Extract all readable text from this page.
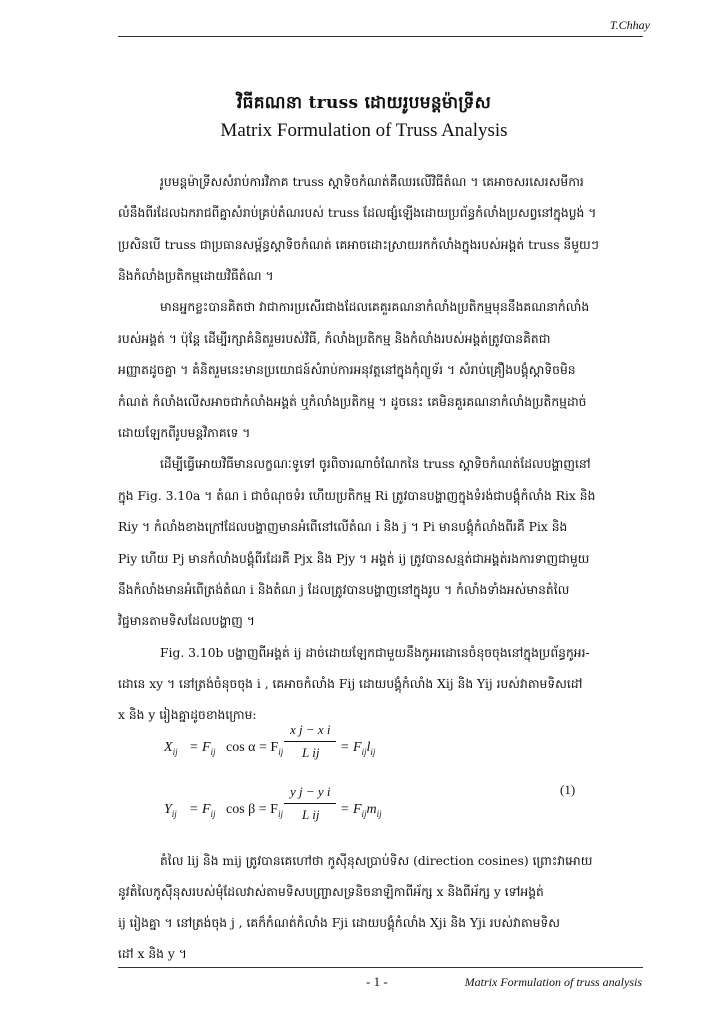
T.Chhay
វិធីគណនា truss ដោយរូបមន្តម៉ាទ្រីស
Matrix Formulation of Truss Analysis
រូបមន្តម៉ាទ្រីសសំរាប់ការវិភាគ truss ស្តាទិចកំណត់គឺឈរលើវិធីតំណ ។ គេអាចសរសេរសមីការ
លំនឹងពីរដែលឯករាជពីគ្នាសំរាប់គ្រប់តំណរបស់ truss ដែលផ្សំឡើងដោយប្រព័ន្ធកំលាំងប្រសព្វនៅក្នុងប្លង់ ។
ប្រសិនបើ truss ជាប្រធានសម្ព័ន្ធស្តាទិចកំណត់ គេអាចដោះស្រាយរកកំលាំងក្នុងរបស់អង្គត់ truss នីមួយៗ
និងកំលាំងប្រតិកម្មដោយវិធីតំណ ។
មានអ្នកខ្លះបានគិតថា វាជាការប្រសើរជាងដែលគេគួរគណនាកំលាំងប្រតិកម្មមុននឹងគណនាកំលាំង
របស់អង្គត់ ។ ប៉ុន្តែ ដើម្បីរក្សាគំនិតរួមរបស់វិធី, កំលាំងប្រតិកម្ម និងកំលាំងរបស់អង្គត់ត្រូវបានគិតជា
អញ្ញាតដូចគ្នា ។ គំនិតរួមនេះមានប្រយោជន៍សំរាប់ការអនុវត្តនៅក្នុងកុំព្យូទ័រ ។ សំរាប់គ្រឿងបង្គុំស្តាទិចមិន
កំណត់ កំលាំងលើសអាចជាកំលាំងអង្គត់ ឬកំលាំងប្រតិកម្ម ។ ដូចនេះ គេមិនគួរគណនាកំលាំងប្រតិកម្មដាច់
ដោយឡែកពីរូបមន្តវិភាគទេ ។
ដើម្បីធ្វើអោយវិធីមានលក្ខណៈទូទៅ ចូរពិចារណាចំណែកនៃ truss ស្តាទិចកំណត់ដែលបង្ហាញនៅ
ក្នុង Fig. 3.10a ។ តំណ i ជាចំណុចទំរ ហើយប្រតិកម្ម Ri ត្រូវបានបង្ហាញក្នុងទំរង់ជាបង្គុំកំលាំង Rix និង
Riy ។ កំលាំងខាងក្រៅដែលបង្ហាញមានអំពើនៅលើតំណ i និង j ។ Pi មានបង្គុំកំលាំងពីរគឺ Pix និង
Piy ហើយ Pj មានកំលាំងបង្គុំពីរដែរគឺ Pjx និង Pjy ។ អង្គត់ ij ត្រូវបានសន្មត់ជាអង្គត់រងការទាញជាមួយ
នឹងកំលាំងមានអំពើត្រង់តំណ i និងតំណ j ដែលត្រូវបានបង្ហាញនៅក្នុងរូប ។ កំលាំងទាំងអស់មានតំលៃ
វិជ្ជមានតាមទិសដែលបង្ហាញ ។
Fig. 3.10b បង្ហាញពីអង្គត់ ij ដាច់ដោយឡែកជាមួយនឹងកូអរដោនេចំនុចចុងនៅក្នុងប្រព័ន្ធកូអរ-
ដោនេ xy ។ នៅត្រង់ចំនុចចុង i , គេអាចកំលាំង Fij ដោយបង្គុំកំលាំង Xij និង Yij របស់វាតាមទិសដៅ
x និង y រៀងគ្នាដូចខាងក្រោម:
$X_{ij} = F_{ij}$ $\cos \alpha = F_{ij}$
x j − x i
L ij = $F_{ij}l_{ij}$
$Y_{ij} = F_{ij}$ $\cos \beta = F_{ij}$
y j − y i
L ij = $F_{ij}m_{ij}$
(1)
តំលៃ lij និង mij ត្រូវបានគេហៅថា កូស៊ីនុសប្រាប់ទិស (direction cosines) ព្រោះវាអោយ
នូវតំលៃកូស៊ីនុសរបស់មុំដែលវាស់តាមទិសបញ្ច្រាសទ្រនិចនាឡិកាពីអ័ក្ស x និងពីអ័ក្ស y ទៅអង្គត់
ij រៀងគ្នា ។ នៅត្រង់ចុង j , គេក៏កំណត់កំលាំង Fji ដោយបង្គុំកំលាំង Xji និង Yji របស់វាតាមទិស
ដៅ x និង y ។
- 1 -	Matrix Formulation of truss analysis
